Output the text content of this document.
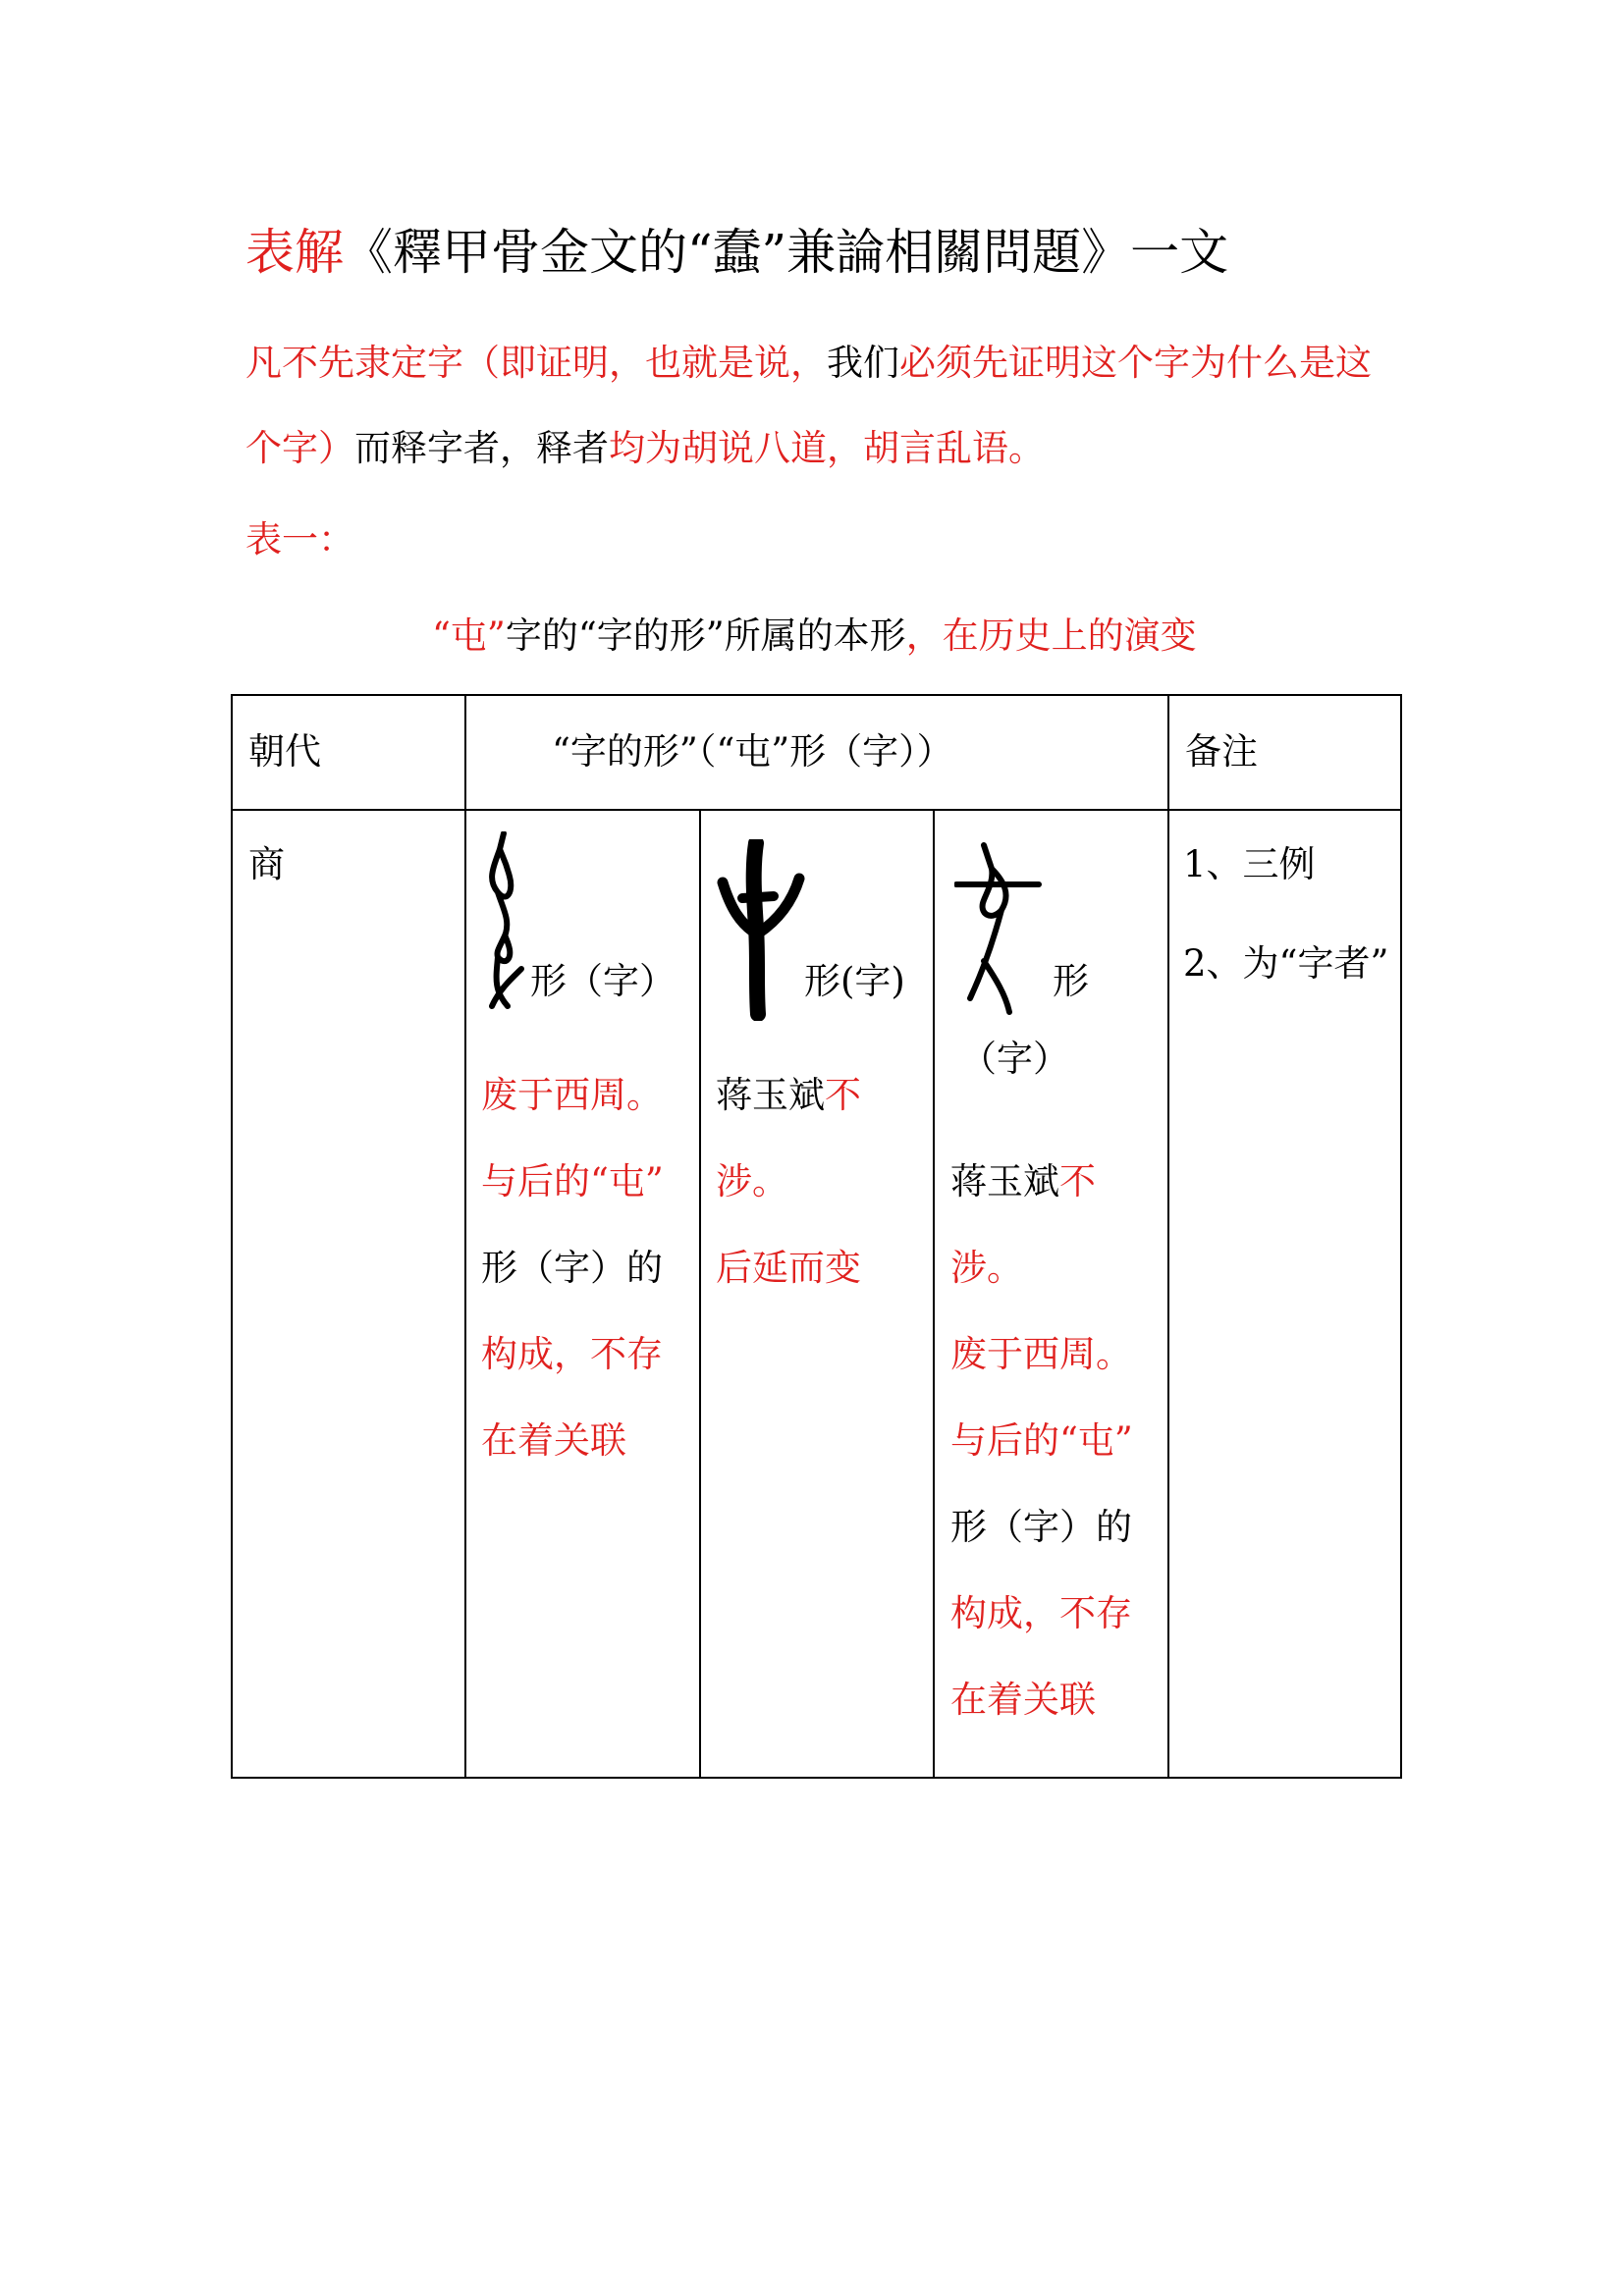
表解《釋甲骨金文的“蠢”兼論相關問題》一文
凡不先隶定字（即证明，也就是说，我们必须先证明这个字为什么是这个字）而释字者，释者均为胡说八道，胡言乱语。
表一：
“屯”字的“字的形”所属的本形，在历史上的演变
朝代	“字的形”（“屯”形（字））	备注
商
形（字）
废于西周。
与后的“屯”
形（字）的
构成，不存
在着关联
形(字)
蒋玉斌不
涉。
后延而变
形
（字）
蒋玉斌不
涉。
废于西周。
与后的“屯”
形（字）的
构成，不存
在着关联
1、三例
2、为“字者”
